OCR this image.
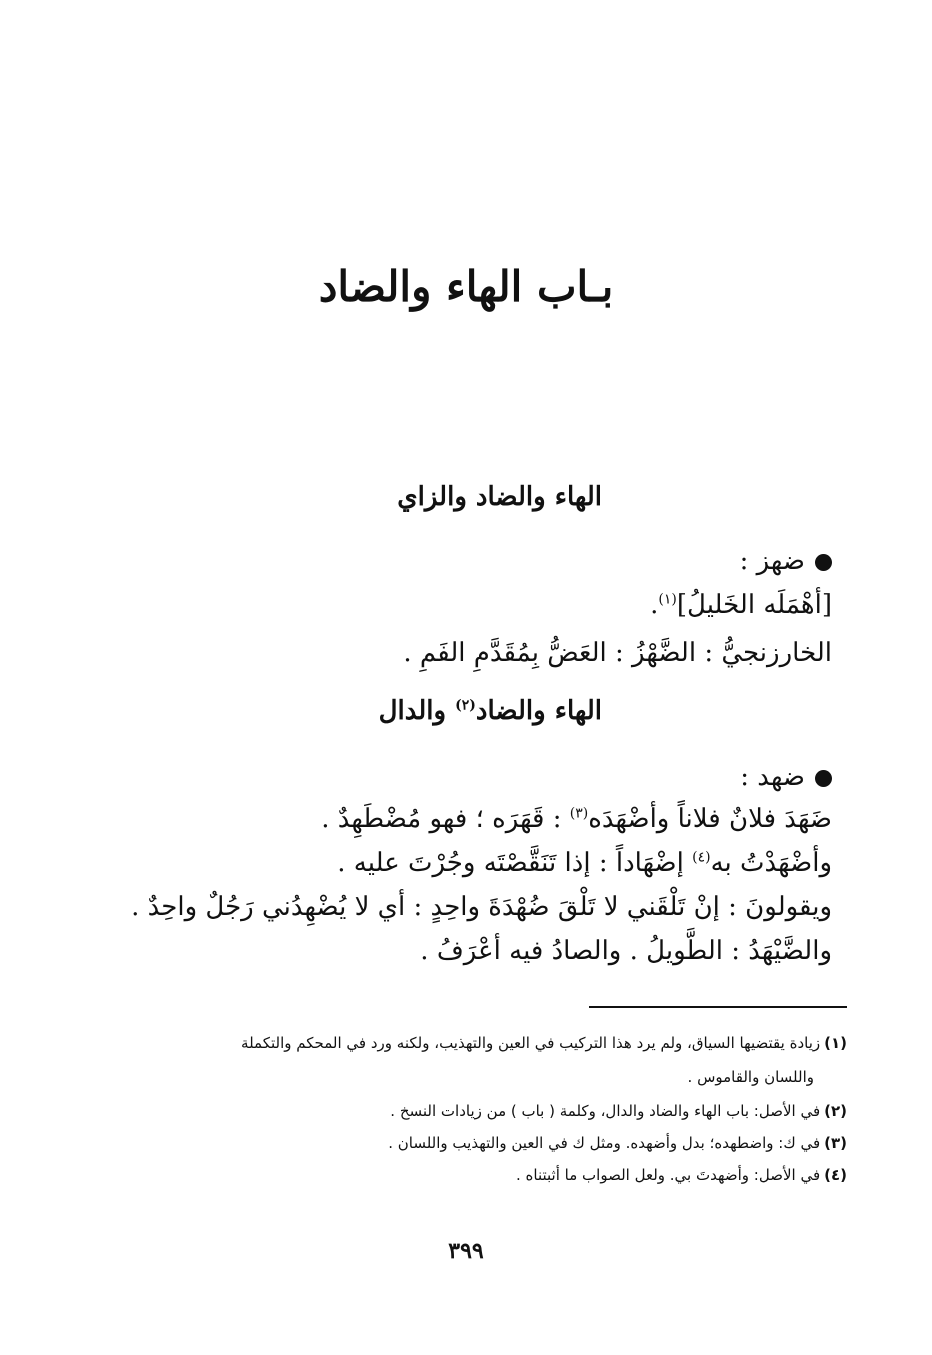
بـاب الهاء والضاد
الهاء والضاد والزاي
ضهز :
[أهْمَلَه الخَليلُ]$^{(١)}$.
الخارزنجيُّ : الضَّهْزُ : العَضُّ بِمُقَدَّمِ الفَمِ .
الهاء والضاد$^{(٢)}$ والدال
ضهد :
ضَهَدَ فلانٌ فلاناً وأضْهَدَه$^{(٣)}$ : قَهَرَه ؛ فهو مُضْطَهِدٌ .
وأضْهَدْتُ به$^{(٤)}$ إضْهَاداً : إذا تَنَقَّصْتَه وجُرْتَ عليه .
ويقولونَ : إنْ تَلْقَني لا تَلْقَ ضُهْدَةَ واحِدٍ : أي لا يُضْهِدُني رَجُلٌ واحِدٌ .
والضَّيْهَدُ : الطَّويلُ . والصادُ فيه أعْرَفُ .
(١)زيادة يقتضيها السياق، ولم يرد هذا التركيب في العين والتهذيب، ولكنه ورد في المحكم والتكملة
واللسان والقاموس .
(٢)في الأصل: باب الهاء والضاد والدال، وكلمة ( باب ) من زيادات النسخ .
(٣)في ك: واضطهده؛ بدل وأضهده. ومثل ك في العين والتهذيب واللسان .
(٤)في الأصل: وأضهدتَ بي. ولعل الصواب ما أثبتناه .
٣٩٩
